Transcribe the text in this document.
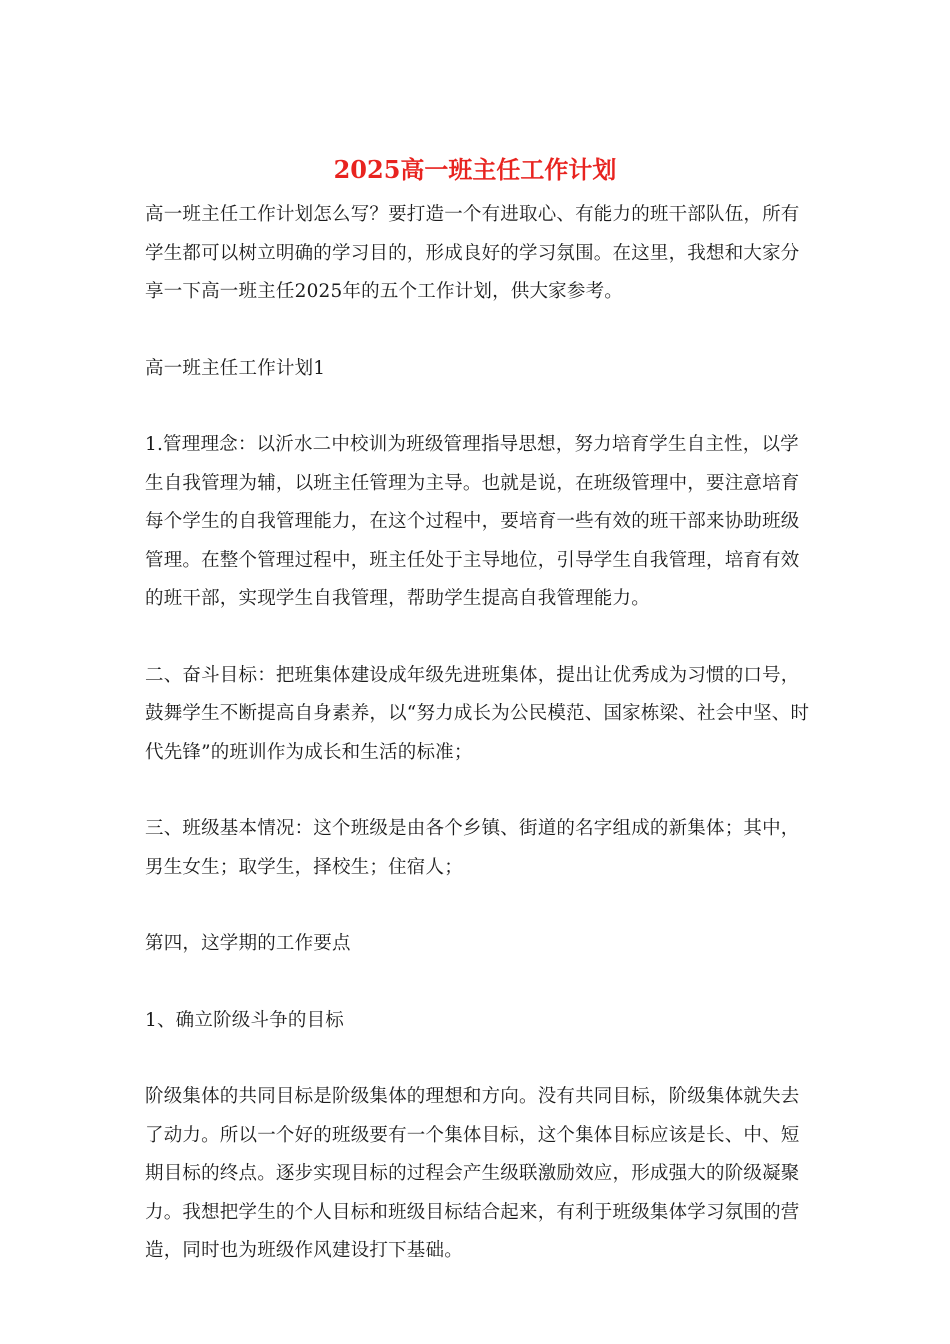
2025高一班主任工作计划

高一班主任工作计划怎么写？要打造一个有进取心、有能力的班干部队伍，所有学生都可以树立明确的学习目的，形成良好的学习氛围。在这里，我想和大家分享一下高一班主任2025年的五个工作计划，供大家参考。

高一班主任工作计划1

1.管理理念：以沂水二中校训为班级管理指导思想，努力培育学生自主性，以学生自我管理为辅，以班主任管理为主导。也就是说，在班级管理中，要注意培育每个学生的自我管理能力，在这个过程中，要培育一些有效的班干部来协助班级管理。在整个管理过程中，班主任处于主导地位，引导学生自我管理，培育有效的班干部，实现学生自我管理，帮助学生提高自我管理能力。

二、奋斗目标：把班集体建设成年级先进班集体，提出让优秀成为习惯的口号，鼓舞学生不断提高自身素养，以“努力成长为公民模范、国家栋梁、社会中坚、时代先锋”的班训作为成长和生活的标准；

三、班级基本情况：这个班级是由各个乡镇、街道的名字组成的新集体；其中，男生女生；取学生，择校生；住宿人；

第四，这学期的工作要点

1、确立阶级斗争的目标

阶级集体的共同目标是阶级集体的理想和方向。没有共同目标，阶级集体就失去了动力。所以一个好的班级要有一个集体目标，这个集体目标应该是长、中、短期目标的终点。逐步实现目标的过程会产生级联激励效应，形成强大的阶级凝聚力。我想把学生的个人目标和班级目标结合起来，有利于班级集体学习氛围的营造，同时也为班级作风建设打下基础。
